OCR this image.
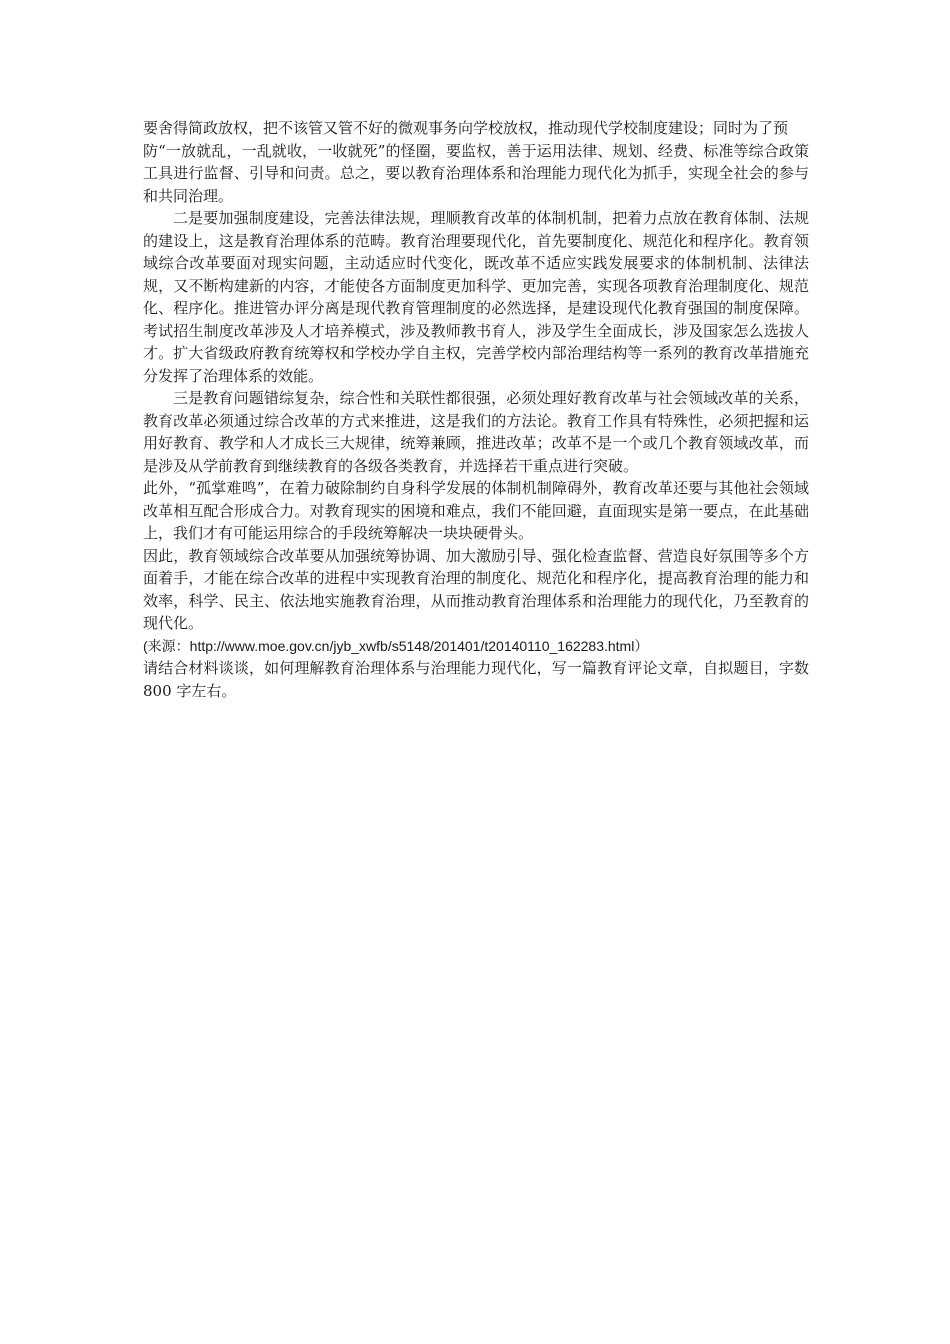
要舍得简政放权，把不该管又管不好的微观事务向学校放权，推动现代学校制度建设；同时为了预

防“一放就乱，一乱就收，一收就死”的怪圈，要监权，善于运用法律、规划、经费、标准等综合政策工具进行监督、引导和问责。总之，要以教育治理体系和治理能力现代化为抓手，实现全社会的参与和共同治理。

二是要加强制度建设，完善法律法规，理顺教育改革的体制机制，把着力点放在教育体制、法规的建设上，这是教育治理体系的范畴。教育治理要现代化，首先要制度化、规范化和程序化。教育领域综合改革要面对现实问题，主动适应时代变化，既改革不适应实践发展要求的体制机制、法律法规，又不断构建新的内容，才能使各方面制度更加科学、更加完善，实现各项教育治理制度化、规范化、程序化。推进管办评分离是现代教育管理制度的必然选择，是建设现代化教育强国的制度保障。考试招生制度改革涉及人才培养模式，涉及教师教书育人，涉及学生全面成长，涉及国家怎么选拔人才。扩大省级政府教育统筹权和学校办学自主权，完善学校内部治理结构等一系列的教育改革措施充分发挥了治理体系的效能。

三是教育问题错综复杂，综合性和关联性都很强，必须处理好教育改革与社会领域改革的关系，教育改革必须通过综合改革的方式来推进，这是我们的方法论。教育工作具有特殊性，必须把握和运用好教育、教学和人才成长三大规律，统筹兼顾，推进改革；改革不是一个或几个教育领域改革，而是涉及从学前教育到继续教育的各级各类教育，并选择若干重点进行突破。

此外，“孤掌难鸣”，在着力破除制约自身科学发展的体制机制障碍外，教育改革还要与其他社会领域改革相互配合形成合力。对教育现实的困境和难点，我们不能回避，直面现实是第一要点，在此基础上，我们才有可能运用综合的手段统筹解决一块块硬骨头。

因此，教育领域综合改革要从加强统筹协调、加大激励引导、强化检查监督、营造良好氛围等多个方面着手，才能在综合改革的进程中实现教育治理的制度化、规范化和程序化，提高教育治理的能力和效率，科学、民主、依法地实施教育治理，从而推动教育治理体系和治理能力的现代化，乃至教育的现代化。

(来源：http://www.moe.gov.cn/jyb_xwfb/s5148/201401/t20140110_162283.html）

请结合材料谈谈，如何理解教育治理体系与治理能力现代化，写一篇教育评论文章，自拟题目，字数 800 字左右。
